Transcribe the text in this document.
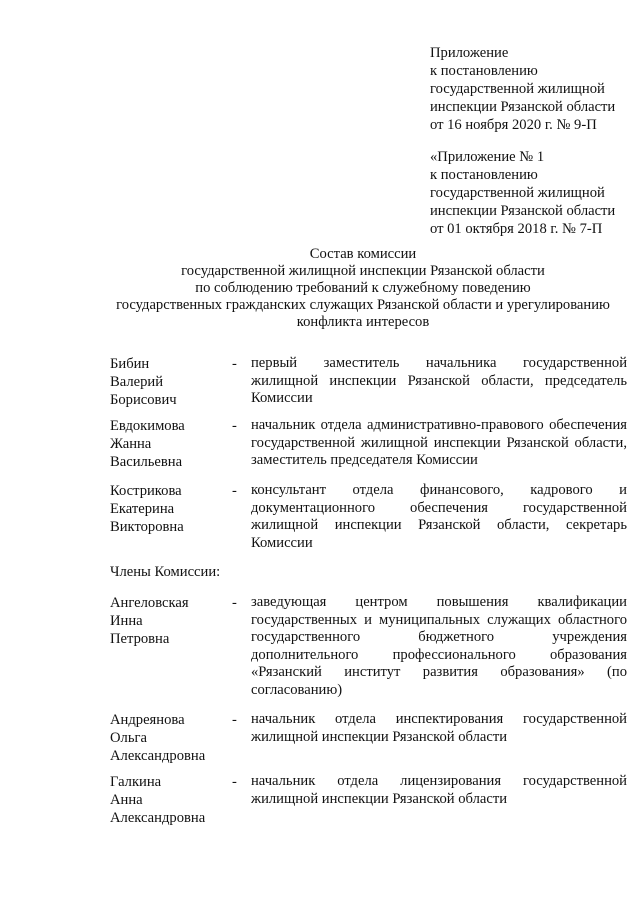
Приложение
к постановлению
государственной жилищной
инспекции Рязанской области
от 16 ноября 2020 г. № 9-П
«Приложение № 1
к постановлению
государственной жилищной
инспекции Рязанской области
от 01 октября 2018 г. № 7-П
Состав комиссии
государственной жилищной инспекции Рязанской области
по соблюдению требований к служебному поведению
государственных гражданских служащих Рязанской области и урегулированию
конфликта интересов
Бибин
Валерий
Борисович
- первый заместитель начальника государственной жилищной инспекции Рязанской области, председатель Комиссии
Евдокимова
Жанна
Васильевна
- начальник отдела административно-правового обеспечения государственной жилищной инспекции Рязанской области, заместитель председателя Комиссии
Кострикова
Екатерина
Викторовна
- консультант отдела финансового, кадрового и документационного обеспечения государственной жилищной инспекции Рязанской области, секретарь Комиссии
Члены Комиссии:
Ангеловская
Инна
Петровна
- заведующая центром повышения квалификации государственных и муниципальных служащих областного государственного бюджетного учреждения дополнительного профессионального образования «Рязанский институт развития образования» (по согласованию)
Андреянова
Ольга
Александровна
- начальник отдела инспектирования государственной жилищной инспекции Рязанской области
Галкина
Анна
Александровна
- начальник отдела лицензирования государственной жилищной инспекции Рязанской области
